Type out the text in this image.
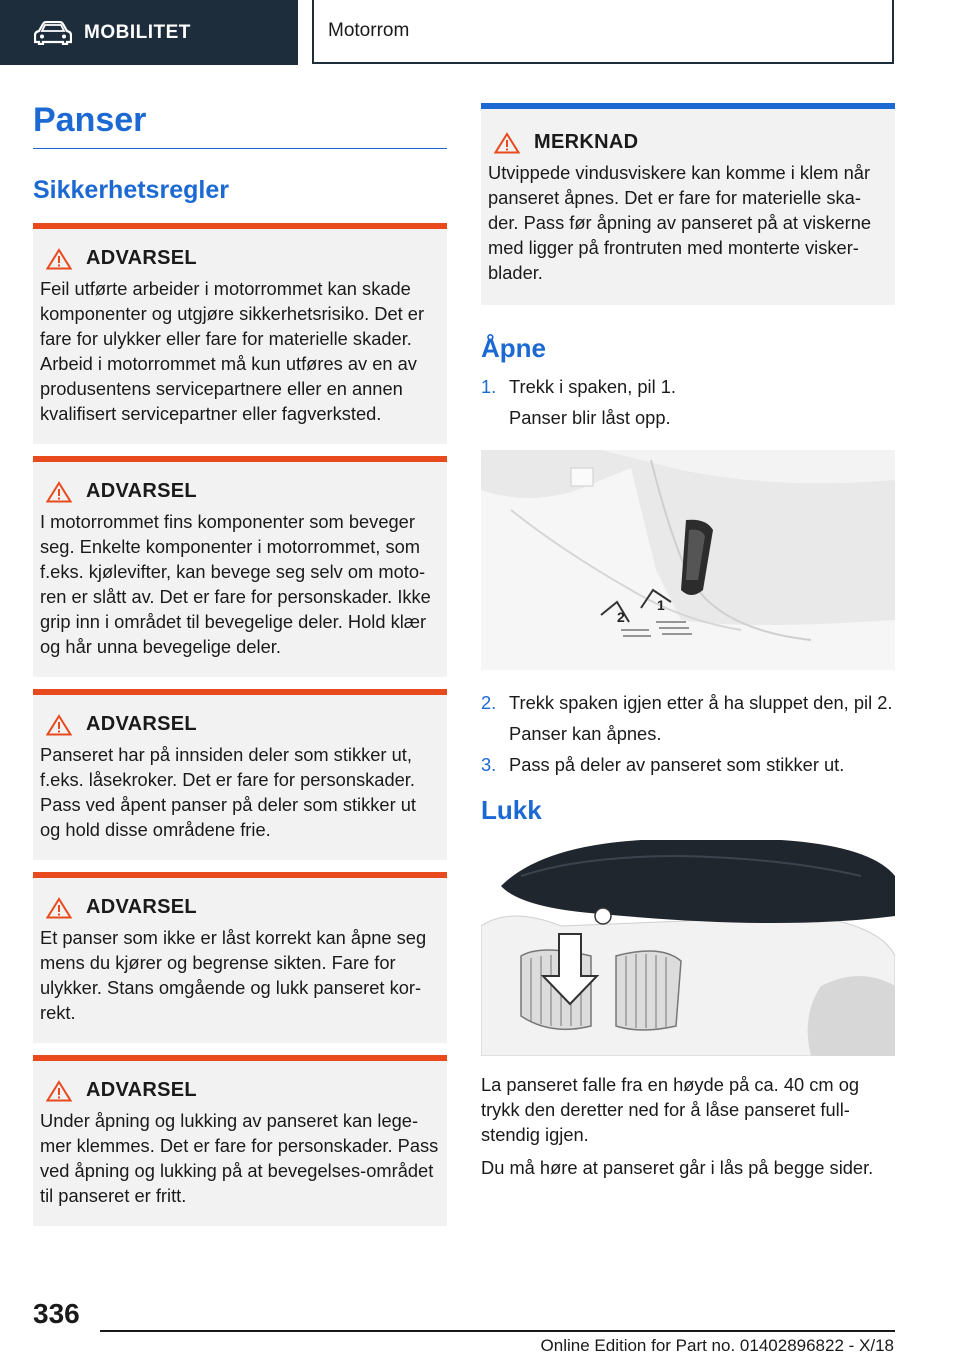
MOBILITET	Motorrom
Panser
Sikkerhetsregler
ADVARSEL

Feil utførte arbeider i motorrommet kan skade komponenter og utgjøre sikkerhetsrisiko. Det er fare for ulykker eller fare for materielle skader. Arbeid i motorrommet må kun utføres av en av produsentens servicepartnere eller en annen kvalifisert servicepartner eller fagverksted.

ADVARSEL

I motorrommet fins komponenter som beveger seg. Enkelte komponenter i motorrommet, som f.eks. kjølevifter, kan bevege seg selv om moto-ren er slått av. Det er fare for personskader. Ikke grip inn i området til bevegelige deler. Hold klær og hår unna bevegelige deler.

ADVARSEL

Panseret har på innsiden deler som stikker ut, f.eks. låsekroker. Det er fare for personskader. Pass ved åpent panser på deler som stikker ut og hold disse områdene frie.

ADVARSEL

Et panser som ikke er låst korrekt kan åpne seg mens du kjører og begrense sikten. Fare for ulykker. Stans omgående og lukk panseret kor-rekt.

ADVARSEL

Under åpning og lukking av panseret kan lege-mer klemmes. Det er fare for personskader. Pass ved åpning og lukking på at bevegelses-området til panseret er fritt.

MERKNAD

Utvippede vindusviskere kan komme i klem når panseret åpnes. Det er fare for materielle ska-der. Pass før åpning av panseret på at viskerne med ligger på frontruten med monterte visker-blader.

Åpne
1. Trekk i spaken, pil 1.
Panser blir låst opp.
1
2
2. Trekk spaken igjen etter å ha sluppet den, pil 2.
Panser kan åpnes.
3. Pass på deler av panseret som stikker ut.
Lukk

La panseret falle fra en høyde på ca. 40 cm og trykk den deretter ned for å låse panseret full-stendig igjen.

Du må høre at panseret går i lås på begge sider.

336
Online Edition for Part no. 01402896822 - X/18
